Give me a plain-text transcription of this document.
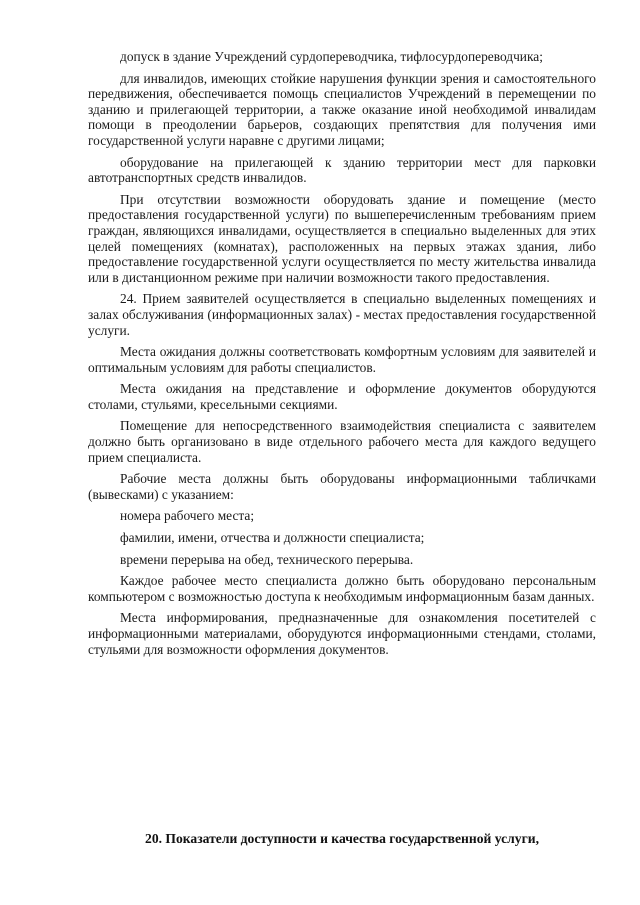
допуск в здание Учреждений сурдопереводчика, тифлосурдопереводчика;

для инвалидов, имеющих стойкие нарушения функции зрения и самостоятельного передвижения, обеспечивается помощь специалистов Учреждений в перемещении по зданию и прилегающей территории, а также оказание иной необходимой инвалидам помощи в преодолении барьеров, создающих препятствия для получения ими государственной услуги наравне с другими лицами;

оборудование на прилегающей к зданию территории мест для парковки автотранспортных средств инвалидов.

При отсутствии возможности оборудовать здание и помещение (место предоставления государственной услуги) по вышеперечисленным требованиям прием граждан, являющихся инвалидами, осуществляется в специально выделенных для этих целей помещениях (комнатах), расположенных на первых этажах здания, либо предоставление государственной услуги осуществляется по месту жительства инвалида или в дистанционном режиме при наличии возможности такого предоставления.

24. Прием заявителей осуществляется в специально выделенных помещениях и залах обслуживания (информационных залах) - местах предоставления государственной услуги.

Места ожидания должны соответствовать комфортным условиям для заявителей и оптимальным условиям для работы специалистов.

Места ожидания на представление и оформление документов оборудуются столами, стульями, кресельными секциями.

Помещение для непосредственного взаимодействия специалиста с заявителем должно быть организовано в виде отдельного рабочего места для каждого ведущего прием специалиста.

Рабочие места должны быть оборудованы информационными табличками (вывесками) с указанием:

номера рабочего места;

фамилии, имени, отчества и должности специалиста;

времени перерыва на обед, технического перерыва.

Каждое рабочее место специалиста должно быть оборудовано персональным компьютером с возможностью доступа к необходимым информационным базам данных.

Места информирования, предназначенные для ознакомления посетителей с информационными материалами, оборудуются информационными стендами, столами, стульями для возможности оформления документов.

20. Показатели доступности и качества государственной услуги,
